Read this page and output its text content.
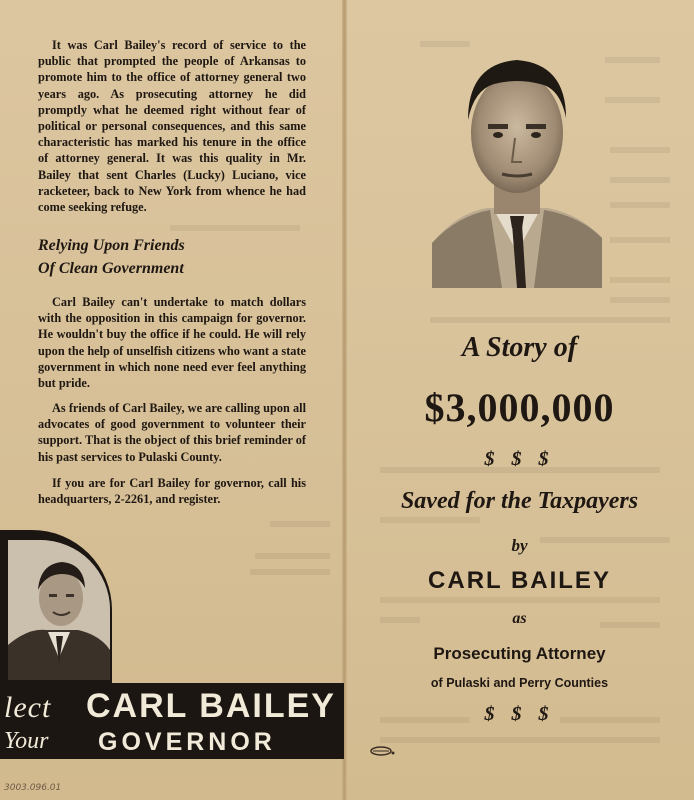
It was Carl Bailey's record of service to the public that prompted the people of Arkansas to promote him to the office of attorney general two years ago. As prosecuting attorney he did promptly what he deemed right without fear of political or personal consequences, and this same characteristic has marked his tenure in the office of attorney general. It was this quality in Mr. Bailey that sent Charles (Lucky) Luciano, vice racketeer, back to New York from whence he had come seeking refuge.

Relying Upon Friends

Of Clean Government

Carl Bailey can't undertake to match dollars with the opposition in this campaign for governor. He wouldn't buy the office if he could. He will rely upon the help of unselfish citizens who want a state government in which none need ever feel anything but pride.

As friends of Carl Bailey, we are calling upon all advocates of good government to volunteer their support. That is the object of this brief reminder of his past services to Pulaski County.

If you are for Carl Bailey for governor, call his headquarters, 2-2261, and register.

lect CARL BAILEY
Your GOVERNOR
3003.096.01

A Story of

$3,000,000

$ $ $

Saved for the Taxpayers

by

CARL BAILEY

as

Prosecuting Attorney

of Pulaski and Perry Counties

$ $ $
